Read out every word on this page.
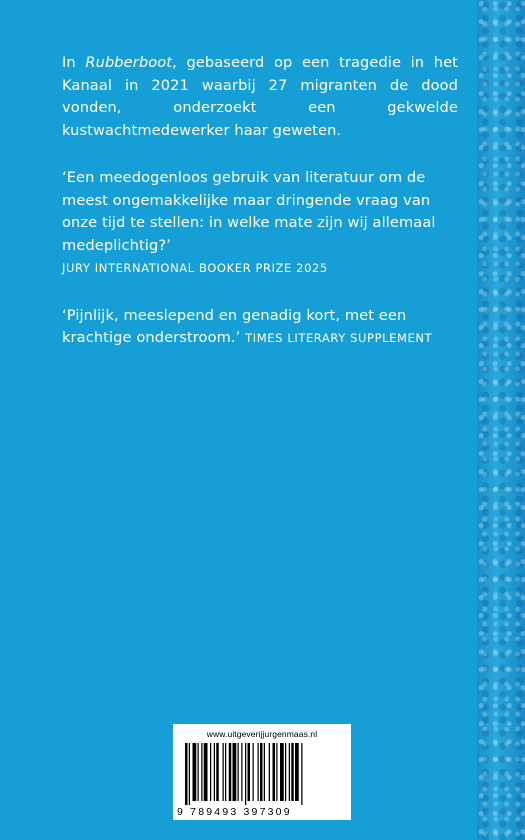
In Rubberboot, gebaseerd op een tragedie in het Kanaal in 2021 waarbij 27 migranten de dood vonden, onderzoekt een gekwelde kustwachtmedewerker haar geweten.

‘Een meedogenloos gebruik van literatuur om de meest ongemakkelijke maar dringende vraag van onze tijd te stellen: in welke mate zijn wij allemaal medeplichtig?’
JURY INTERNATIONAL BOOKER PRIZE 2025

‘Pijnlijk, meeslepend en genadig kort, met een krachtige onderstroom.’ TIMES LITERARY SUPPLEMENT

www.uitgeverijjurgenmaas.nl
9 789493 397309
